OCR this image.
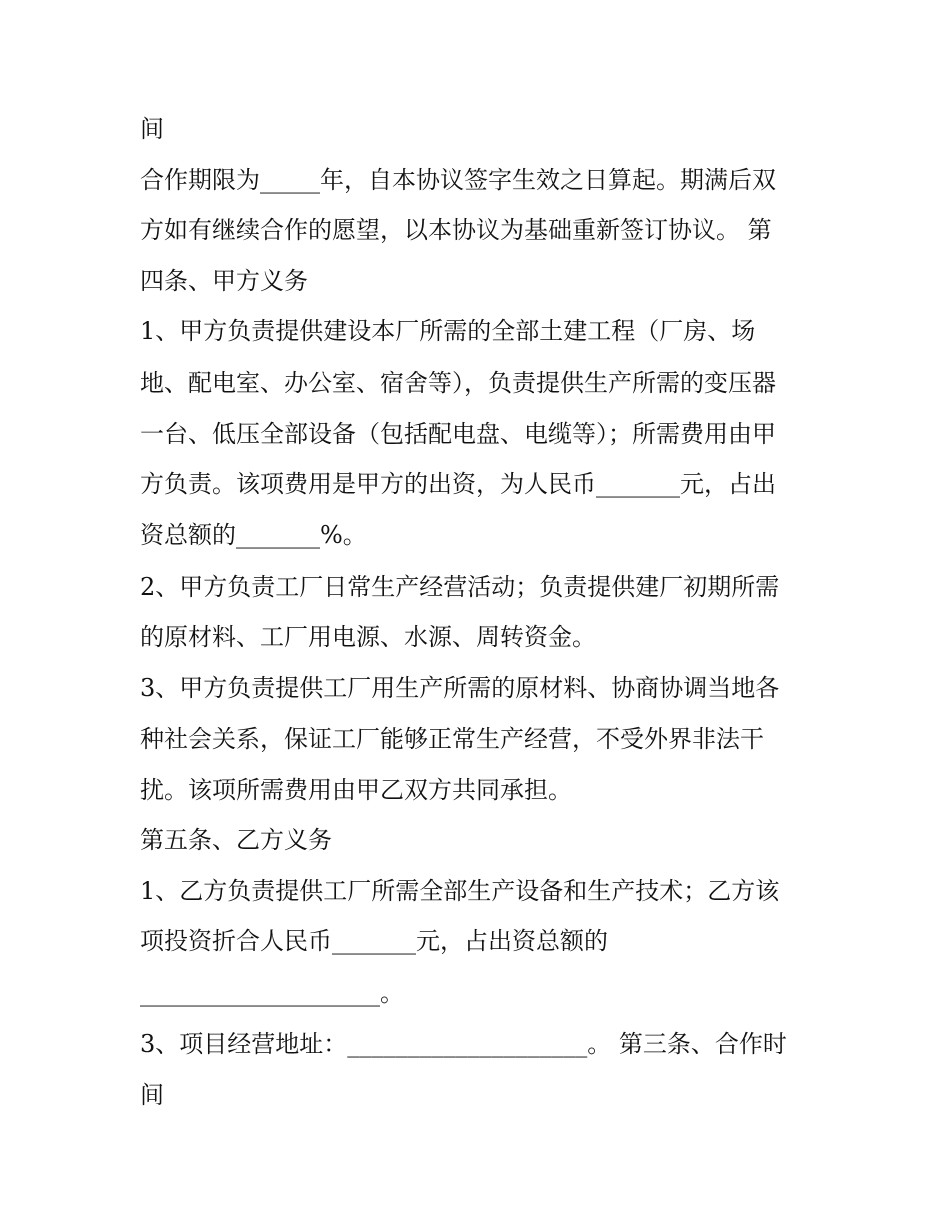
间
合作期限为_____年，自本协议签字生效之日算起。期满后双
方如有继续合作的愿望，以本协议为基础重新签订协议。 第
四条、甲方义务
1、甲方负责提供建设本厂所需的全部土建工程（厂房、场
地、配电室、办公室、宿舍等），负责提供生产所需的变压器
一台、低压全部设备（包括配电盘、电缆等）；所需费用由甲
方负责。该项费用是甲方的出资，为人民币_______元，占出
资总额的_______%。
2、甲方负责工厂日常生产经营活动；负责提供建厂初期所需
的原材料、工厂用电源、水源、周转资金。
3、甲方负责提供工厂用生产所需的原材料、协商协调当地各
种社会关系，保证工厂能够正常生产经营，不受外界非法干
扰。该项所需费用由甲乙双方共同承担。
第五条、乙方义务
1、乙方负责提供工厂所需全部生产设备和生产技术；乙方该
项投资折合人民币_______元，占出资总额的
____________________。
3、项目经营地址：____________________。 第三条、合作时
间
